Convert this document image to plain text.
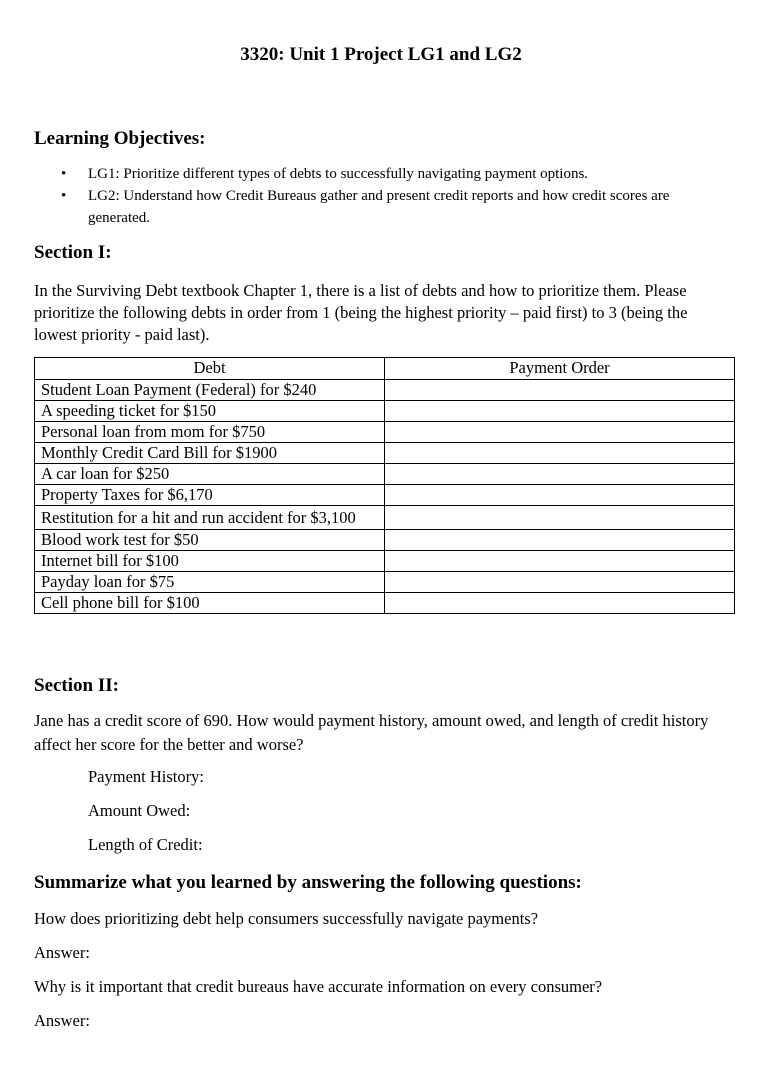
3320: Unit 1 Project LG1 and LG2
Learning Objectives:
• LG1: Prioritize different types of debts to successfully navigating payment options.
• LG2: Understand how Credit Bureaus gather and present credit reports and how credit scores are generated.
Section I:
In the Surviving Debt textbook Chapter 1, there is a list of debts and how to prioritize them. Please prioritize the following debts in order from 1 (being the highest priority – paid first) to 3 (being the lowest priority - paid last).
Debt	Payment Order
Student Loan Payment (Federal) for $240	
A speeding ticket for $150	
Personal loan from mom for $750	
Monthly Credit Card Bill for $1900	
A car loan for $250	
Property Taxes for $6,170	
Restitution for a hit and run accident for $3,100	
Blood work test for $50	
Internet bill for $100	
Payday loan for $75	
Cell phone bill for $100	
Section II:
Jane has a credit score of 690. How would payment history, amount owed, and length of credit history affect her score for the better and worse?
Payment History:
Amount Owed:
Length of Credit:
Summarize what you learned by answering the following questions:
How does prioritizing debt help consumers successfully navigate payments?
Answer:
Why is it important that credit bureaus have accurate information on every consumer?
Answer:
